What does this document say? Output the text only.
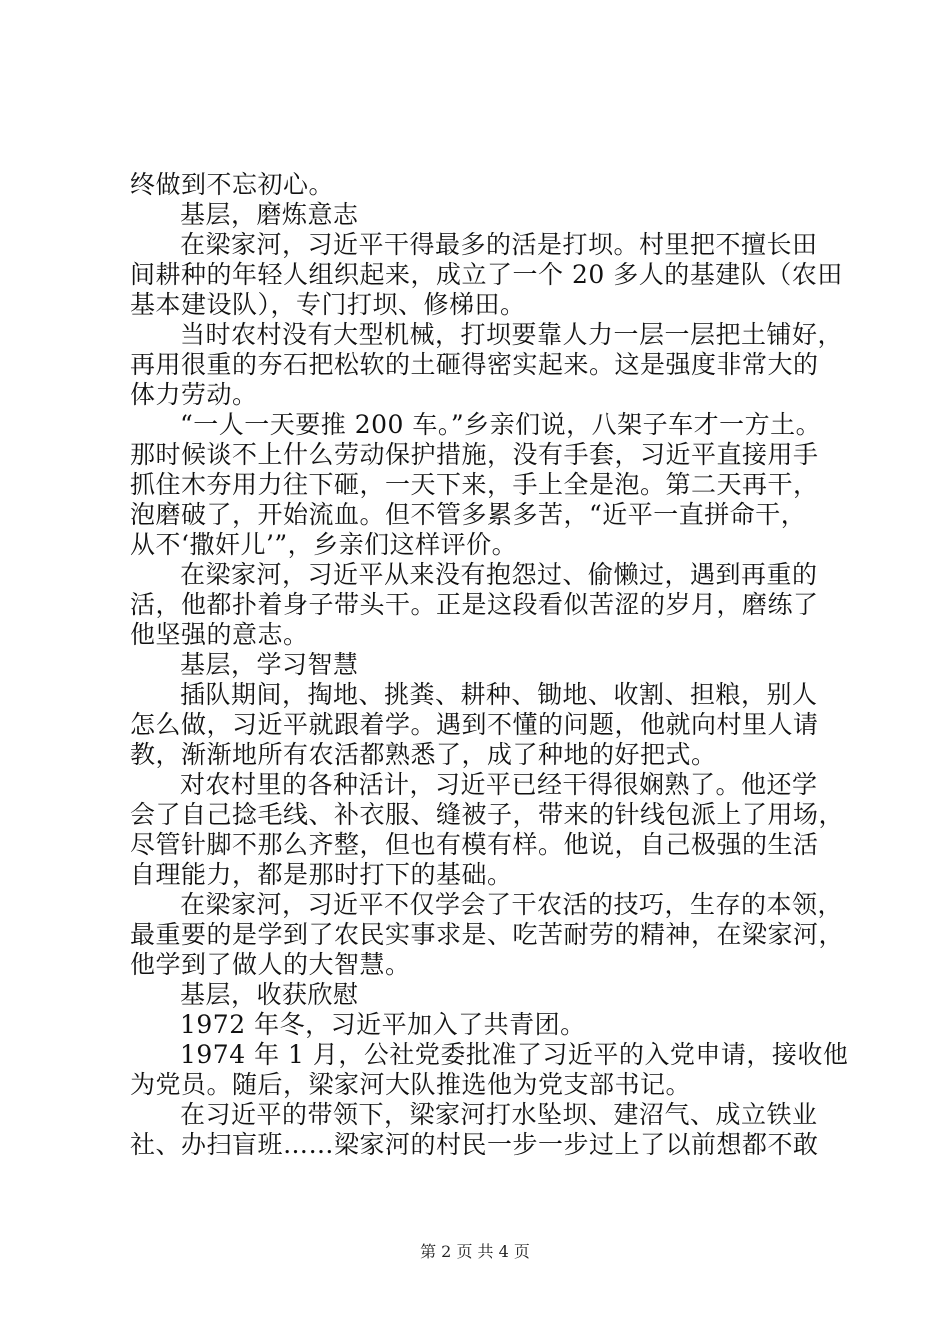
终做到不忘初心。
基层，磨炼意志
在梁家河，习近平干得最多的活是打坝。村里把不擅长田
间耕种的年轻人组织起来，成立了一个 20 多人的基建队（农田
基本建设队），专门打坝、修梯田。
当时农村没有大型机械，打坝要靠人力一层一层把土铺好，
再用很重的夯石把松软的土砸得密实起来。这是强度非常大的
体力劳动。
“一人一天要推 200 车。”乡亲们说，八架子车才一方土。
那时候谈不上什么劳动保护措施，没有手套，习近平直接用手
抓住木夯用力往下砸，一天下来，手上全是泡。第二天再干，
泡磨破了，开始流血。但不管多累多苦，“近平一直拼命干，
从不‘撒奸儿’”，乡亲们这样评价。
在梁家河，习近平从来没有抱怨过、偷懒过，遇到再重的
活，他都扑着身子带头干。正是这段看似苦涩的岁月，磨练了
他坚强的意志。
基层，学习智慧
插队期间，掏地、挑粪、耕种、锄地、收割、担粮，别人
怎么做，习近平就跟着学。遇到不懂的问题，他就向村里人请
教，渐渐地所有农活都熟悉了，成了种地的好把式。
对农村里的各种活计，习近平已经干得很娴熟了。他还学
会了自己捻毛线、补衣服、缝被子，带来的针线包派上了用场，
尽管针脚不那么齐整，但也有模有样。他说，自己极强的生活
自理能力，都是那时打下的基础。
在梁家河，习近平不仅学会了干农活的技巧，生存的本领，
最重要的是学到了农民实事求是、吃苦耐劳的精神，在梁家河，
他学到了做人的大智慧。
基层，收获欣慰
1972 年冬，习近平加入了共青团。
1974 年 1 月，公社党委批准了习近平的入党申请，接收他
为党员。随后，梁家河大队推选他为党支部书记。
在习近平的带领下，梁家河打水坠坝、建沼气、成立铁业
社、办扫盲班……梁家河的村民一步一步过上了以前想都不敢
第 2 页 共 4 页
